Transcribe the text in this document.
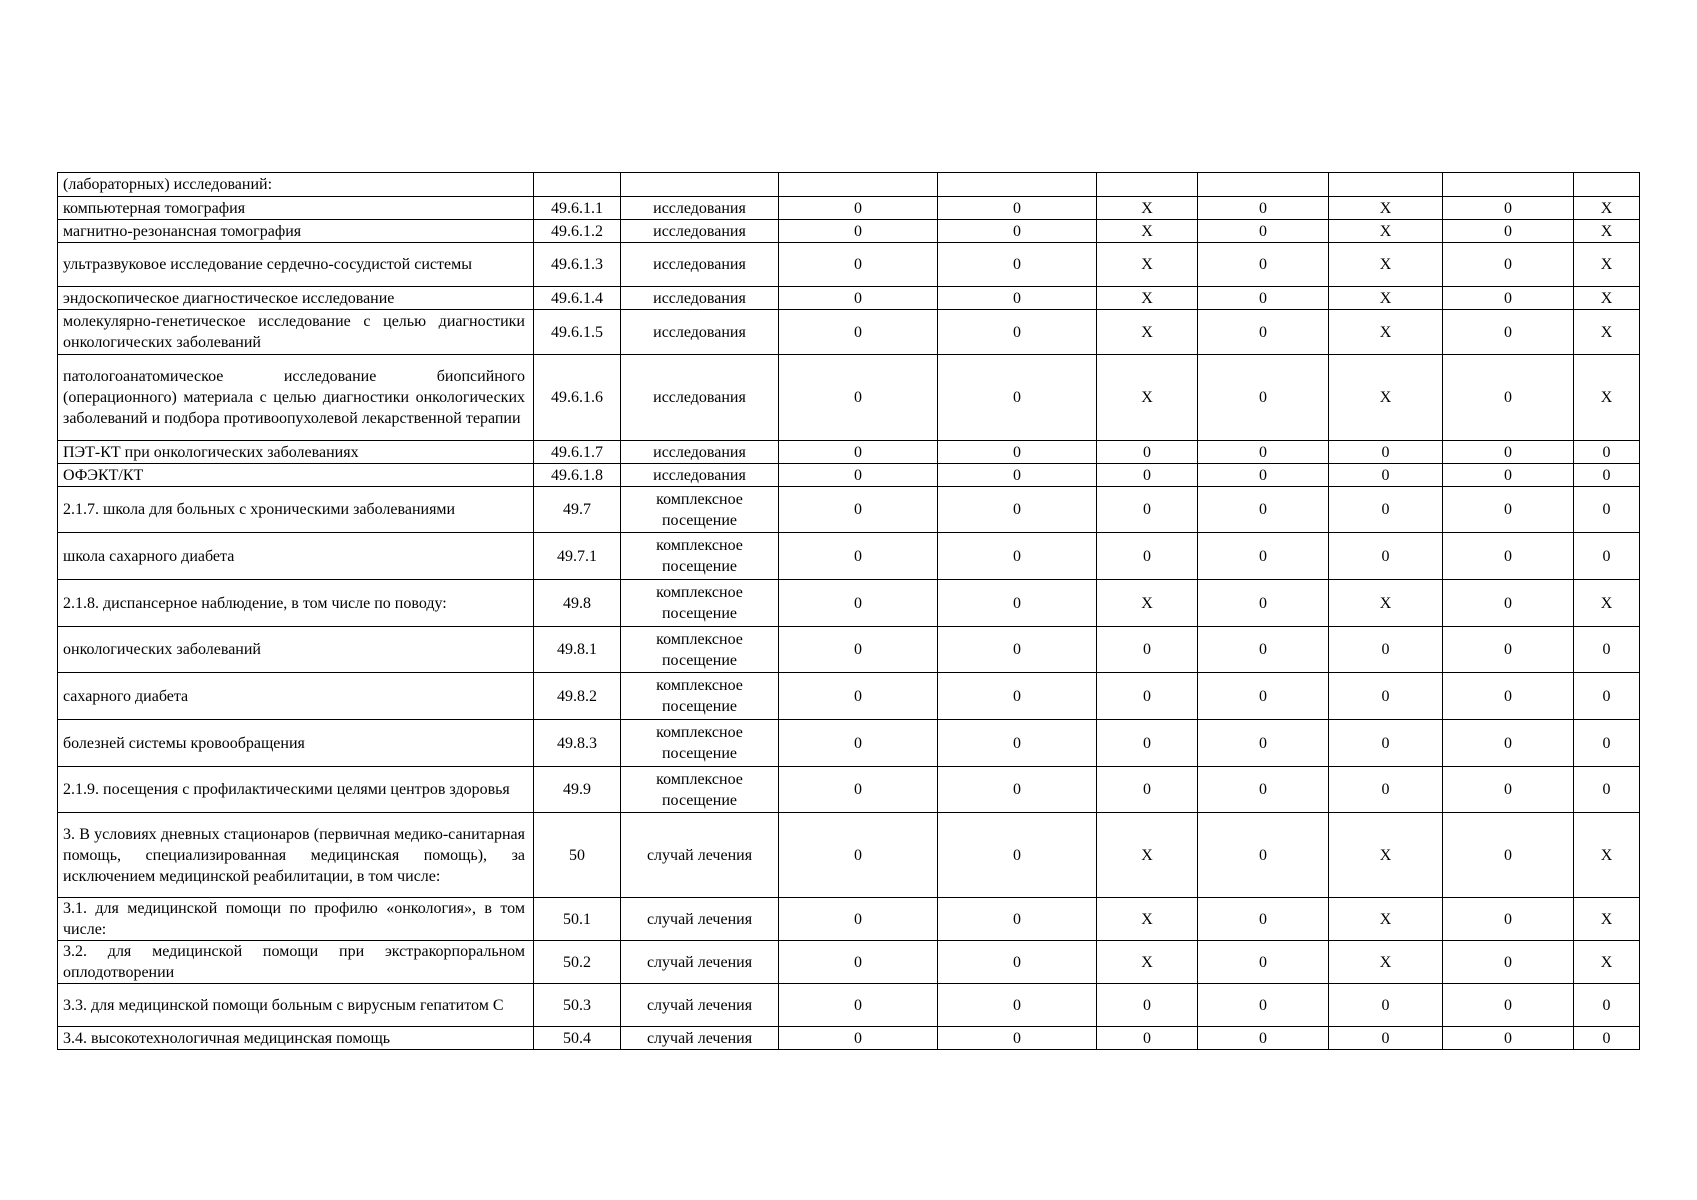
(лабораторных) исследований:									
компьютерная томография	49.6.1.1	исследования	0	0	X	0	X	0	X
магнитно-резонансная томография	49.6.1.2	исследования	0	0	X	0	X	0	X
ультразвуковое исследование сердечно-сосудистой системы	49.6.1.3	исследования	0	0	X	0	X	0	X
эндоскопическое диагностическое исследование	49.6.1.4	исследования	0	0	X	0	X	0	X
молекулярно-генетическое исследование с целью диагностики онкологических заболеваний	49.6.1.5	исследования	0	0	X	0	X	0	X
патологоанатомическое исследование биопсийного (операционного) материала с целью диагностики онкологических заболеваний и подбора противоопухолевой лекарственной терапии	49.6.1.6	исследования	0	0	X	0	X	0	X
ПЭТ-КТ при онкологических заболеваниях	49.6.1.7	исследования	0	0	0	0	0	0	0
ОФЭКТ/КТ	49.6.1.8	исследования	0	0	0	0	0	0	0
2.1.7. школа для больных с хроническими заболеваниями	49.7	комплексное посещение	0	0	0	0	0	0	0
школа сахарного диабета	49.7.1	комплексное посещение	0	0	0	0	0	0	0
2.1.8. диспансерное наблюдение, в том числе по поводу:	49.8	комплексное посещение	0	0	X	0	X	0	X
онкологических заболеваний	49.8.1	комплексное посещение	0	0	0	0	0	0	0
сахарного диабета	49.8.2	комплексное посещение	0	0	0	0	0	0	0
болезней системы кровообращения	49.8.3	комплексное посещение	0	0	0	0	0	0	0
2.1.9. посещения с профилактическими целями центров здоровья	49.9	комплексное посещение	0	0	0	0	0	0	0
3. В условиях дневных стационаров (первичная медико-санитарная помощь, специализированная медицинская помощь), за исключением медицинской реабилитации, в том числе:	50	случай лечения	0	0	X	0	X	0	X
3.1. для медицинской помощи по профилю «онкология», в том числе:	50.1	случай лечения	0	0	X	0	X	0	X
3.2. для медицинской помощи при экстракорпоральном оплодотворении	50.2	случай лечения	0	0	X	0	X	0	X
3.3. для медицинской помощи больным с вирусным гепатитом С	50.3	случай лечения	0	0	0	0	0	0	0
3.4. высокотехнологичная медицинская помощь	50.4	случай лечения	0	0	0	0	0	0	0
